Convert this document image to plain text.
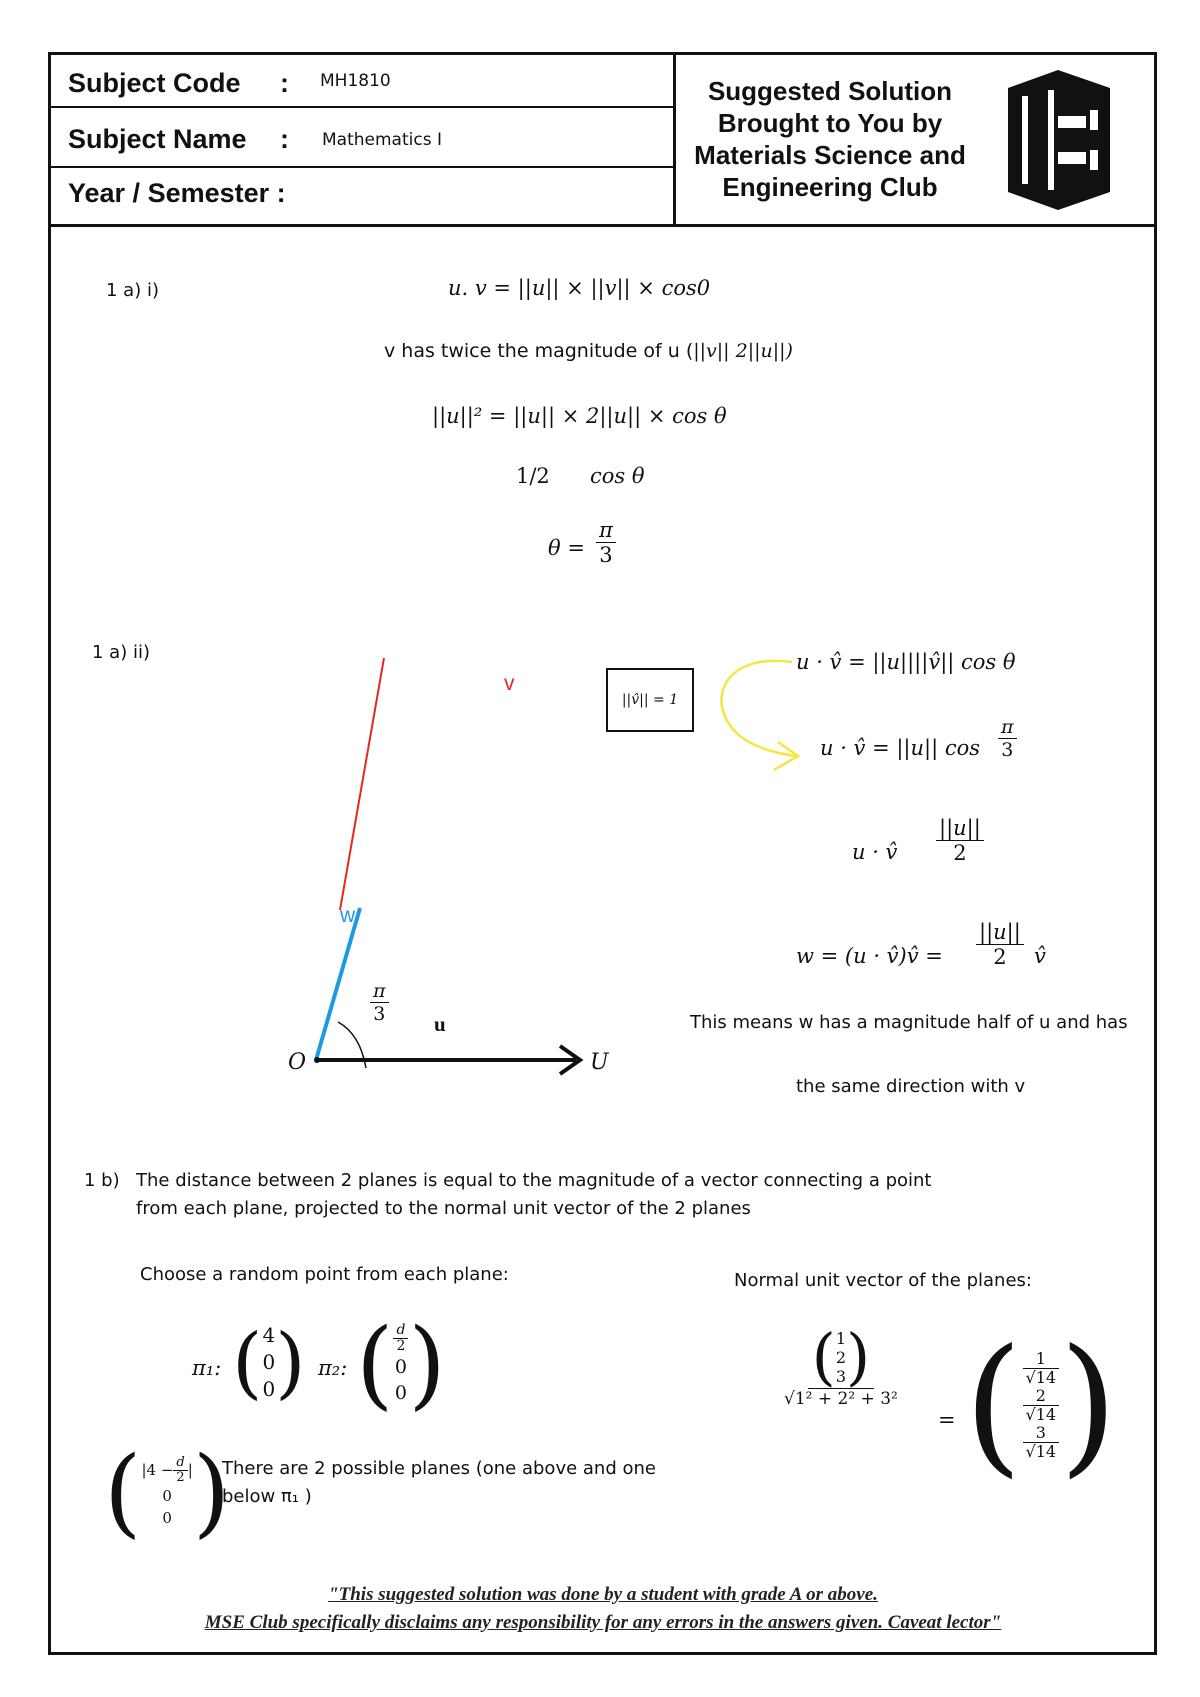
Subject Code : MH1810
Subject Name : Mathematics I
Year / Semester :
Suggested Solution
Brought to You by
Materials Science and
Engineering Club
1 a) i)	u. v = ||u|| × ||v|| × cos0
v has twice the magnitude of u (||v|| 2||u||)
||u||² = ||u|| × 2||u|| × cos θ
1/2 cos θ
$\theta = \frac{\pi}{3}$
1 a) ii)
v
w
$\frac{\pi}{3}$ u
O	U
||v̂|| = 1
u · v̂ = ||u||||v̂|| cos θ
u · v̂ = ||u|| $\cos \frac{\pi}{3}$
u · v̂ $\frac{||u||}{2}$
w = (u · v̂)v̂ = $\frac{||u||}{2}$ v̂
This means w has a magnitude half of u and has
the same direction with v
1 b) The distance between 2 planes is equal to the magnitude of a vector connecting a point
from each plane, projected to the normal unit vector of the 2 planes
Choose a random point from each plane:	Normal unit vector of the planes:
π₁: ( 4
0
0 ) π₂: ( $\frac{d}{2}$
0
0 )	( 1
2
3 )
√1² + 2² + 3²
= ( $\frac{1}{√14}$
$\frac{2}{√14}$
$\frac{3}{√14}$ )
( $|4 - \frac{d}{2}$ |
0
0 )
There are 2 possible planes (one above and one
below π₁ )
"This suggested solution was done by a student with grade A or above.
MSE Club specifically disclaims any responsibility for any errors in the answers given. Caveat lector"
